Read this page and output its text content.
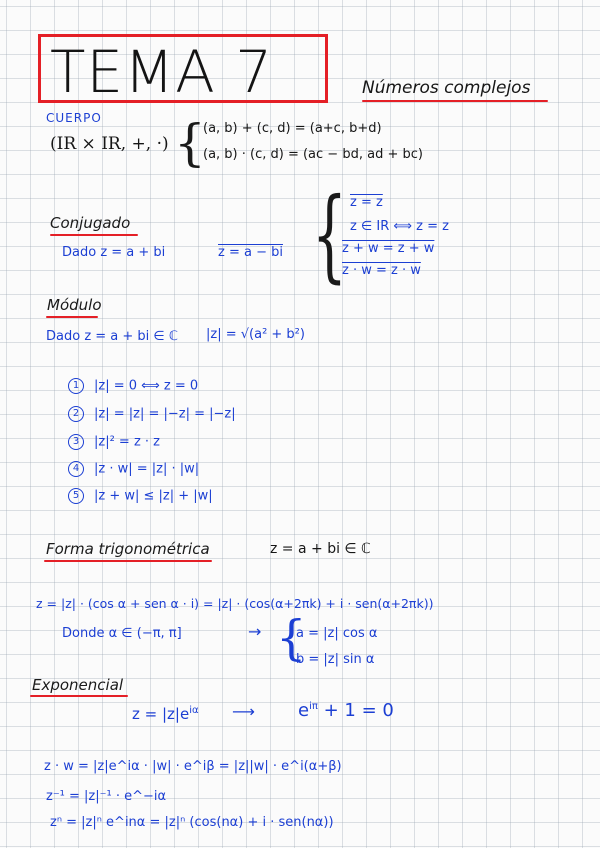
TEMA 7	Números complejos
CUERPO
(IR × IR, +, ·) {
(a, b) + (c, d) = (a+c, b+d)
(a, b) · (c, d) = (ac − bd, ad + bc)
Conjugado
Dado z = a + bi	z = a − bi { z = z
z ∈ IR ⟺ z = z
z + w = z + w
z · w = z · w
Módulo
Dado z = a + bi ∈ ℂ |z| = √(a² + b²)
1 |z| = 0 ⟺ z = 0
2 |z| = |z| = |−z| = |−z|
3 |z|² = z · z
4 |z · w| = |z| · |w|
5 |z + w| ≤ |z| + |w|
Forma trigonométrica	z = a + bi ∈ ℂ
z = |z| · (cos α + sen α · i) = |z| · (cos(α+2πk) + i · sen(α+2πk))
Donde α ∈ (−π, π]	→ {
a = |z| cos α
b = |z| sin α
Exponencial
$z = |z|e^{i\alpha}$ ⟶ $e^{i\pi} + 1 = 0$
z · w = |z|e^iα · |w| · e^iβ = |z||w| · e^i(α+β)
z⁻¹ = |z|⁻¹ · e^−iα
zⁿ = |z|ⁿ e^inα = |z|ⁿ (cos(nα) + i · sen(nα))
